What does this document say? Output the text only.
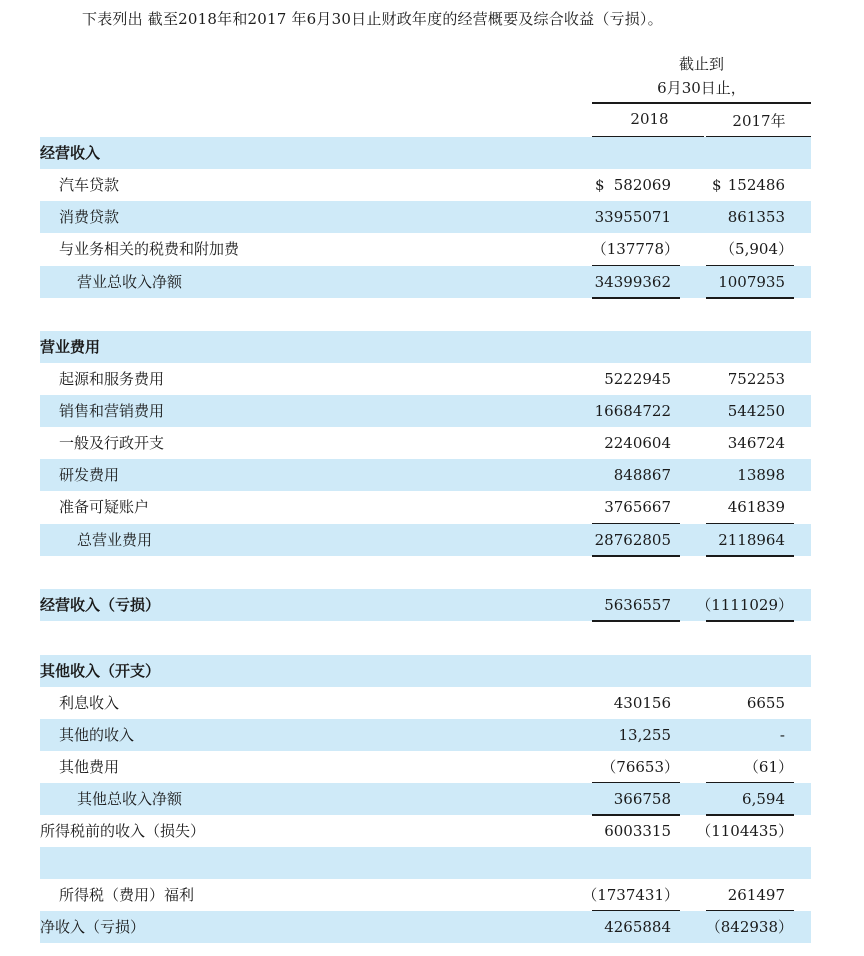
下表列出 截至2018年和2017 年6月30日止财政年度的经营概要及综合收益（亏损）。
截止到
6月30日止，
2018	2017年
经营收入
汽车贷款	$ 582069	$ 152486
消费贷款	33955071	861353
与业务相关的税费和附加费	（137778）	（5,904）
营业总收入净额	34399362	1007935
营业费用
起源和服务费用	5222945	752253
销售和营销费用	16684722	544250
一般及行政开支	2240604	346724
研发费用	848867	13898
准备可疑账户	3765667	461839
总营业费用	28762805	2118964
经营收入（亏损）	5636557 （1111029）
其他收入（开支）
利息收入	430156	6655
其他的收入	13,255	-
其他费用	（76653）	（61）
其他总收入净额	366758	6,594
所得税前的收入（损失）	6003315 （1104435）
所得税（费用）福利	（1737431）	261497
净收入（亏损）	4265884	（842938）
